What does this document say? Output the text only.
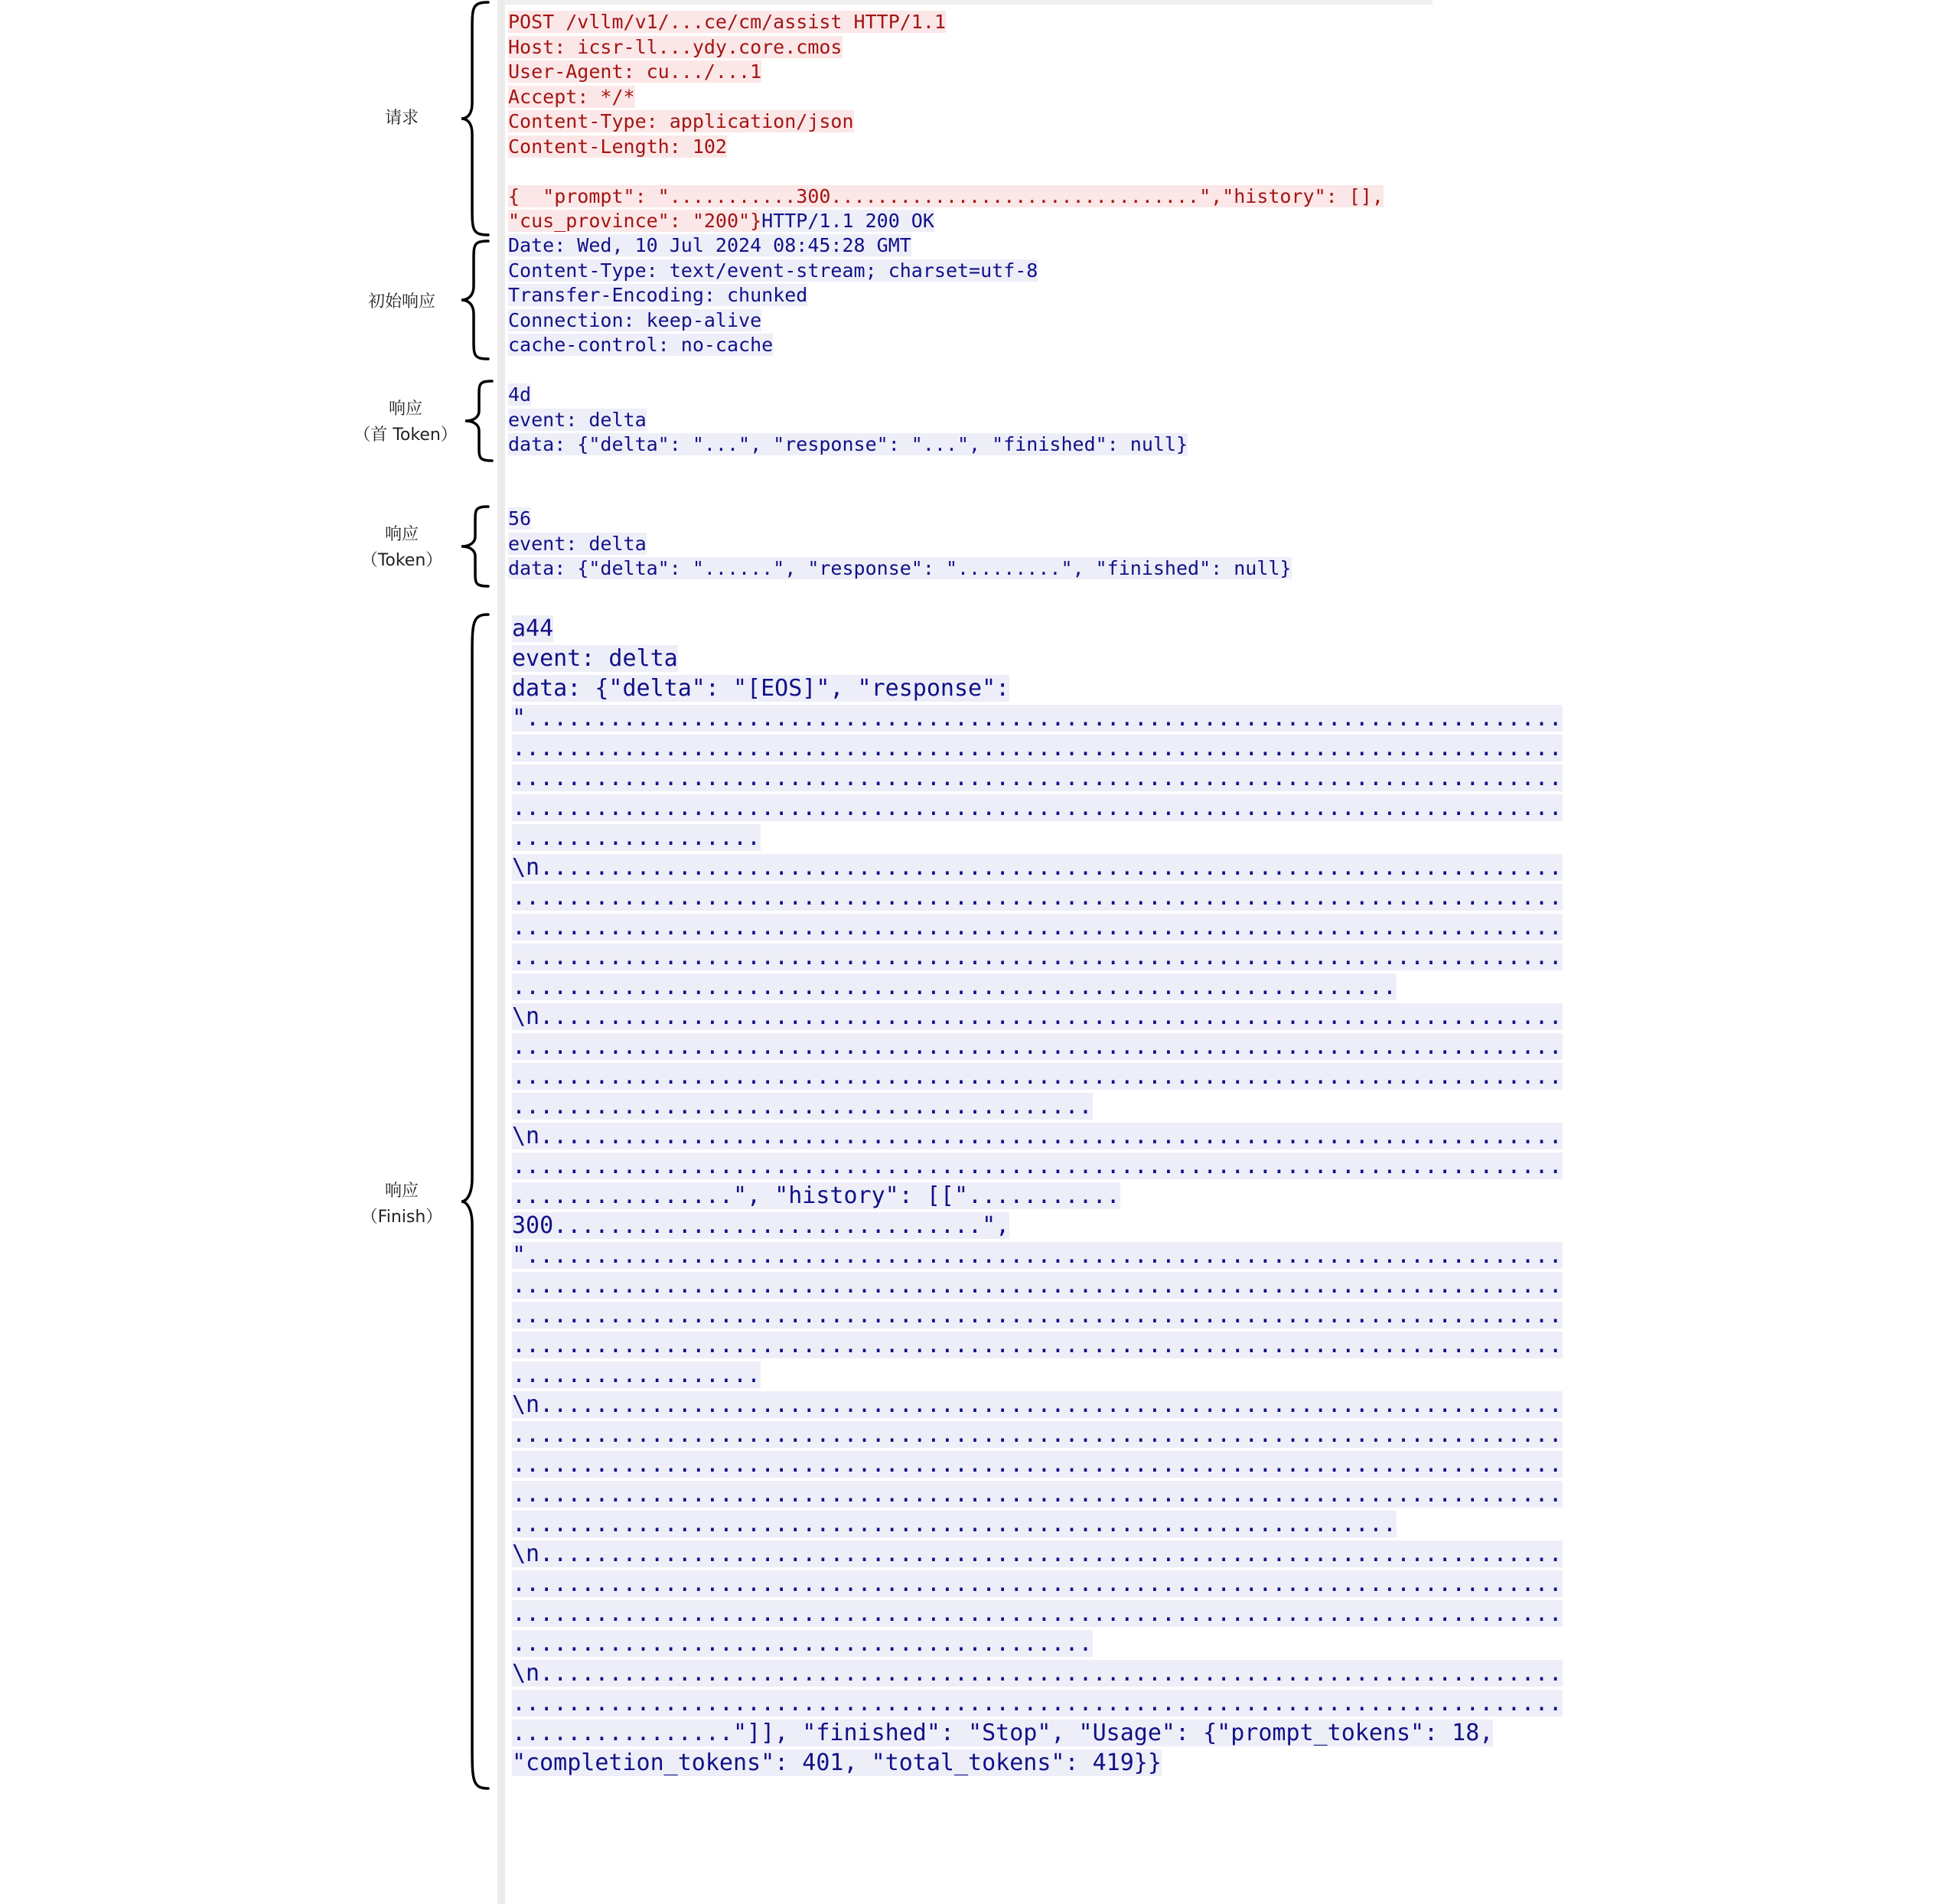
请求
初始响应
响应
（首 Token）
响应
（Token）
响应
（Finish）
POST /vllm/v1/...ce/cm/assist HTTP/1.1
Host: icsr-ll...ydy.core.cmos
User-Agent: cu.../...1
Accept: */*
Content-Type: application/json
Content-Length: 102
{  "prompt": "...........300................................","history": [],
"cus_province": "200"}HTTP/1.1 200 OK
Date: Wed, 10 Jul 2024 08:45:28 GMT
Content-Type: text/event-stream; charset=utf-8
Transfer-Encoding: chunked
Connection: keep-alive
cache-control: no-cache
4d
event: delta
data: {"delta": "...", "response": "...", "finished": null}
56
event: delta
data: {"delta": "......", "response": ".........", "finished": null}
a44
event: delta
data: {"delta": "[EOS]", "response":
"...........................................................................
............................................................................
............................................................................
............................................................................
..................
\n..........................................................................
............................................................................
............................................................................
............................................................................
................................................................
\n..........................................................................
............................................................................
............................................................................
..........................................
\n..........................................................................
............................................................................
................", "history": [["...........
300...............................",
"...........................................................................
............................................................................
............................................................................
............................................................................
..................
\n..........................................................................
............................................................................
............................................................................
............................................................................
................................................................
\n..........................................................................
............................................................................
............................................................................
..........................................
\n..........................................................................
............................................................................
................"]], "finished": "Stop", "Usage": {"prompt_tokens": 18,
"completion_tokens": 401, "total_tokens": 419}}
